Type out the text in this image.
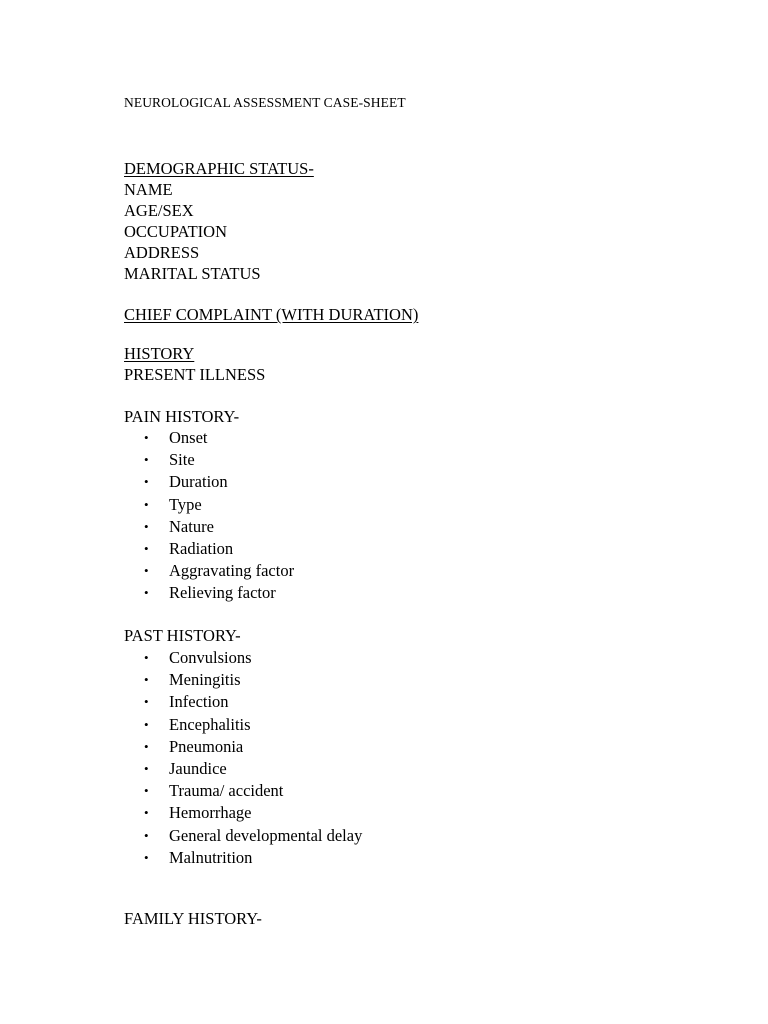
NEUROLOGICAL ASSESSMENT CASE-SHEET
DEMOGRAPHIC STATUS-
NAME
AGE/SEX
OCCUPATION
ADDRESS
MARITAL STATUS
CHIEF COMPLAINT (WITH DURATION)
HISTORY
PRESENT ILLNESS
PAIN HISTORY-
• Onset
• Site
• Duration
• Type
• Nature
• Radiation
• Aggravating factor
• Relieving factor
PAST HISTORY-
• Convulsions
• Meningitis
• Infection
• Encephalitis
• Pneumonia
• Jaundice
• Trauma/ accident
• Hemorrhage
• General developmental delay
• Malnutrition
FAMILY HISTORY-
